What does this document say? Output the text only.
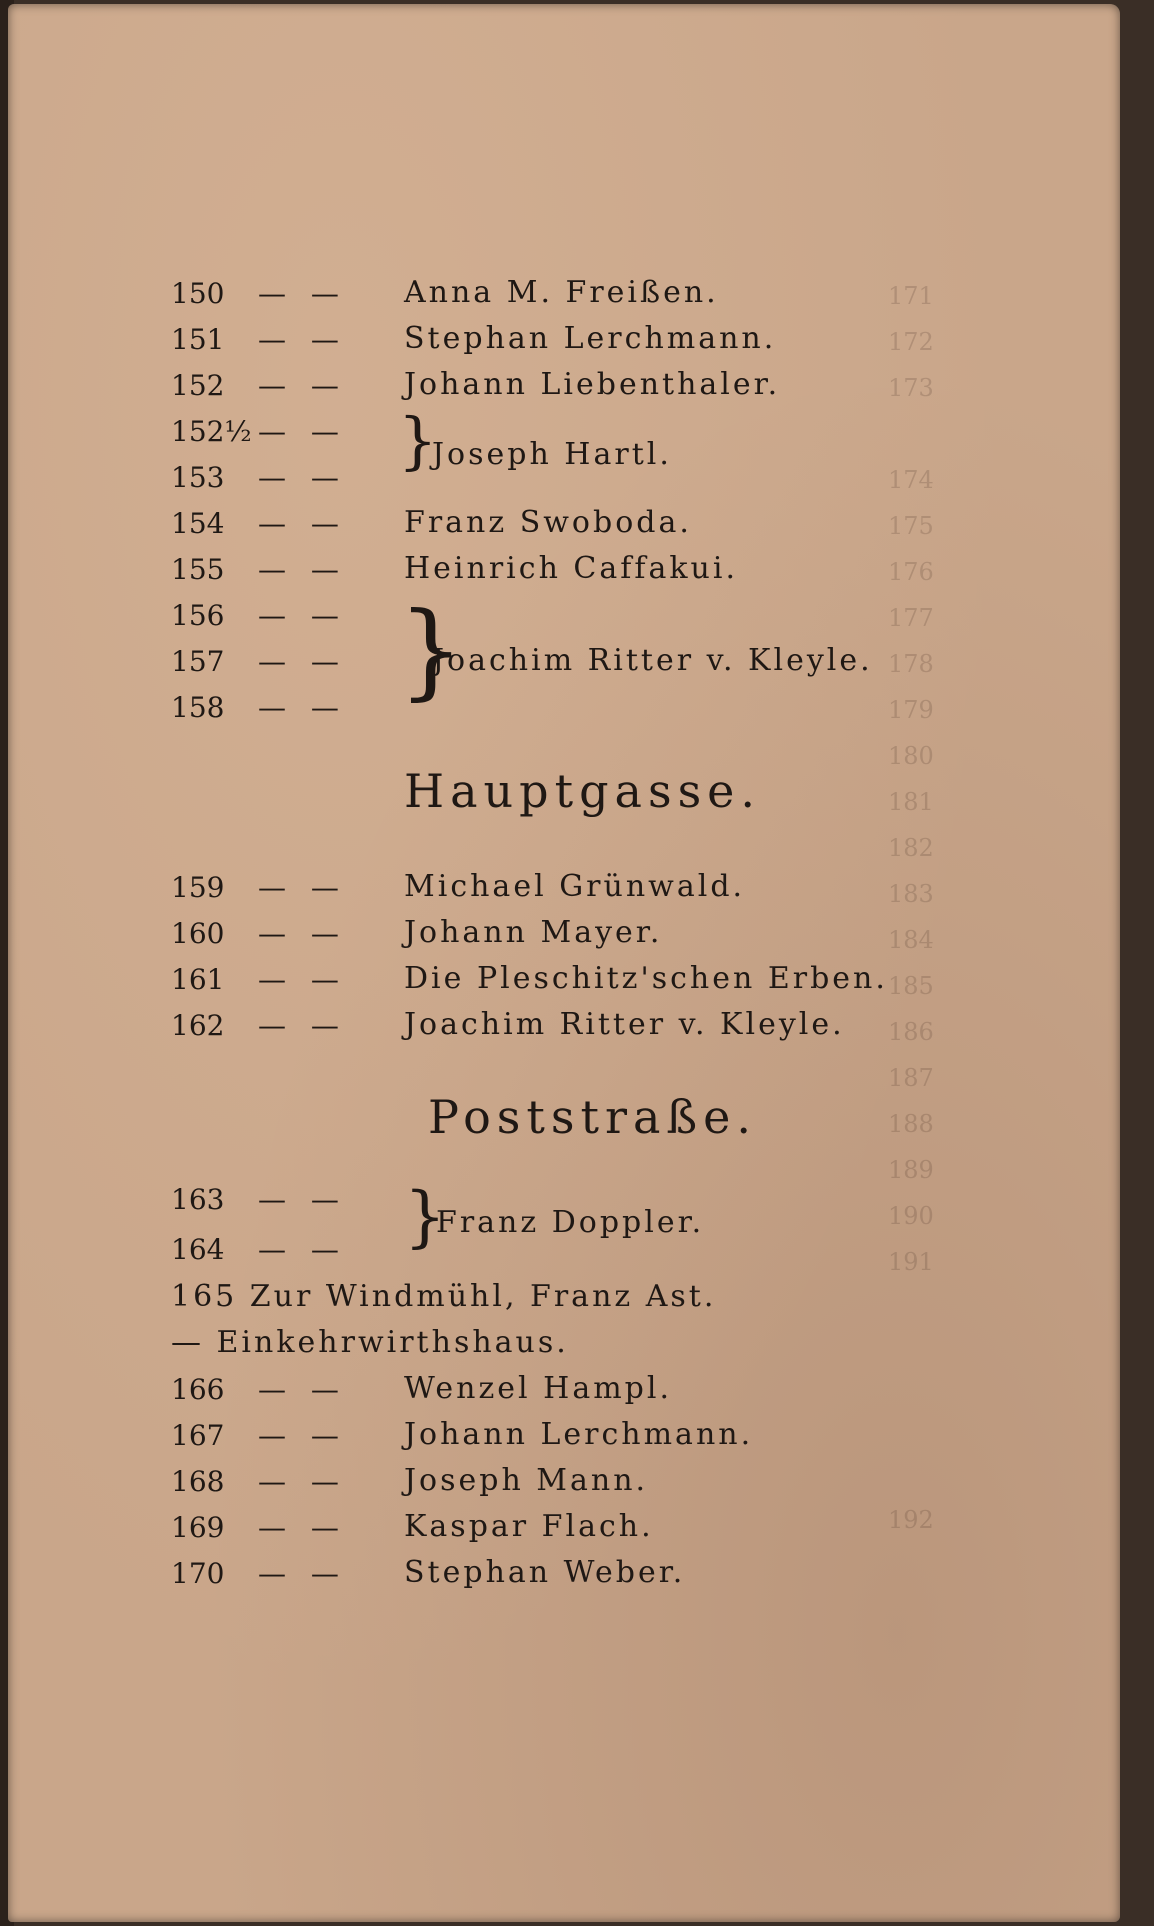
150 — — Anna M. Freißen.
151 — — Stephan Lerchmann.
152 — — Johann Liebenthaler.
152½ — —
153 — —
}
Joseph Hartl.
154 — — Franz Swoboda.
155 — — Heinrich Caffakui.
156 — —
157 — —
158 — — }
Joachim Ritter v. Kleyle.
Hauptgasse.
159 — — Michael Grünwald.
160 — — Johann Mayer.
161 — — Die Pleschitz'schen Erben.
162 — — Joachim Ritter v. Kleyle.
Poststraße.
163 — —
164 — — }
Franz Doppler.
165 Zur Windmühl, Franz Ast.
— Einkehrwirthshaus.
166 — — Wenzel Hampl.
167 — — Johann Lerchmann.
168 — — Joseph Mann.
169 — — Kaspar Flach.
170 — — Stephan Weber.
171
172
173
174
175
176
177
178
179
180
181
182
183
184
185
186
187
188
189
190
191
192
